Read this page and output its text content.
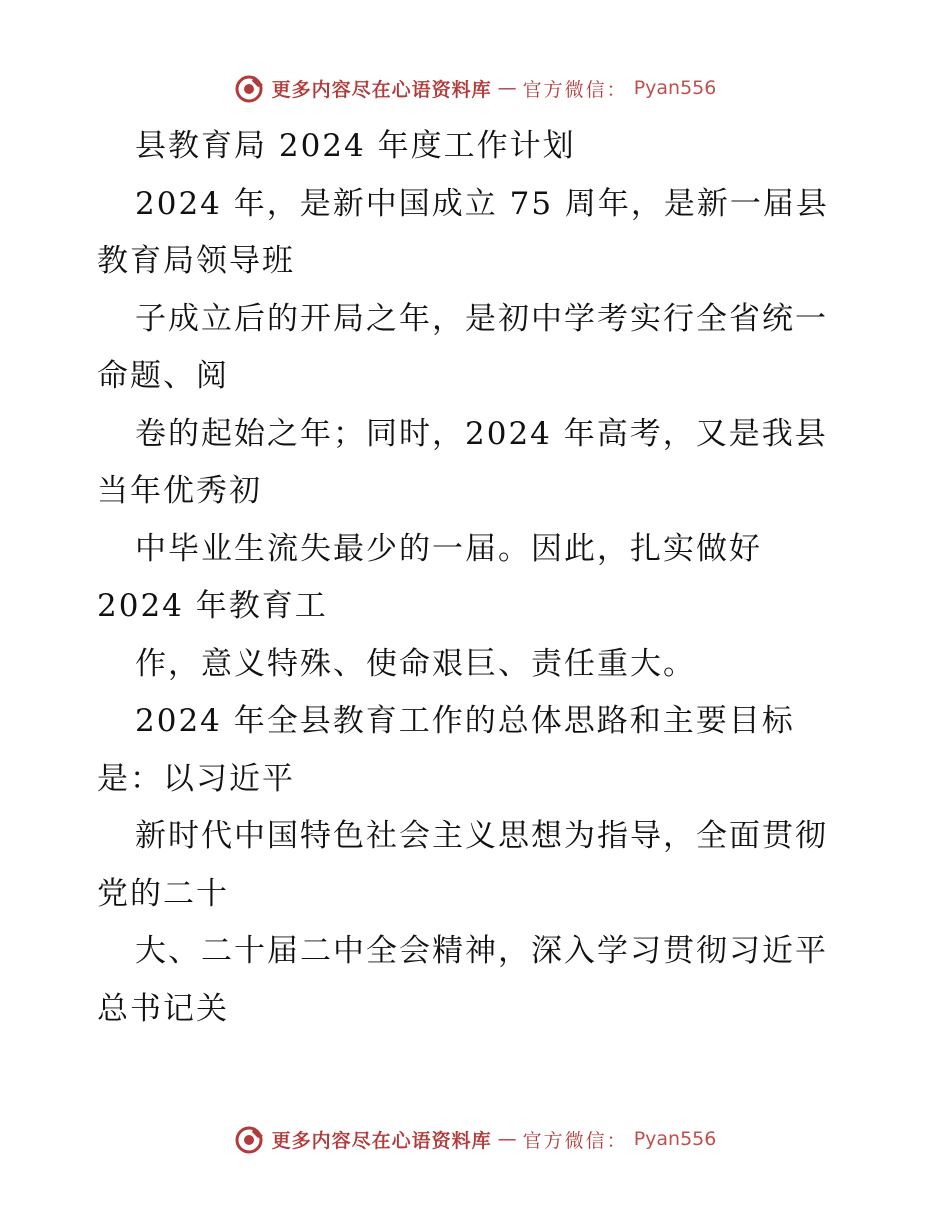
更多内容尽在心语资料库 — 官方微信： Pyan556
县教育局 2024 年度工作计划
2024 年，是新中国成立 75 周年，是新一届县
教育局领导班
子成立后的开局之年，是初中学考实行全省统一
命题、阅
卷的起始之年；同时，2024 年高考，又是我县
当年优秀初
中毕业生流失最少的一届。因此，扎实做好
2024 年教育工
作，意义特殊、使命艰巨、责任重大。
2024 年全县教育工作的总体思路和主要目标
是：以习近平
新时代中国特色社会主义思想为指导，全面贯彻
党的二十
大、二十届二中全会精神，深入学习贯彻习近平
总书记关
更多内容尽在心语资料库 — 官方微信： Pyan556
